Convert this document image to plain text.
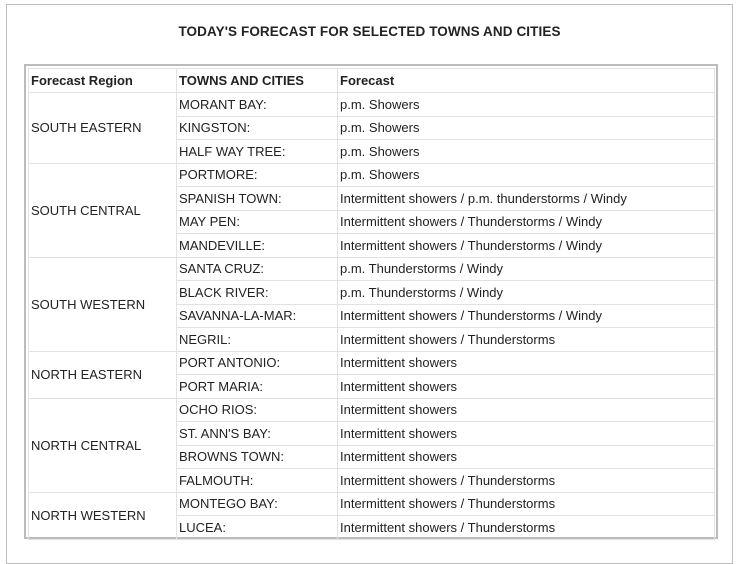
TODAY'S FORECAST FOR SELECTED TOWNS AND CITIES
Forecast Region	TOWNS AND CITIES	Forecast
SOUTH EASTERN	MORANT BAY:	p.m. Showers
	KINGSTON:	p.m. Showers
	HALF WAY TREE:	p.m. Showers
SOUTH CENTRAL	PORTMORE:	p.m. Showers
	SPANISH TOWN:	Intermittent showers / p.m. thunderstorms / Windy
	MAY PEN:	Intermittent showers / Thunderstorms / Windy
	MANDEVILLE:	Intermittent showers / Thunderstorms / Windy
SOUTH WESTERN	SANTA CRUZ:	p.m. Thunderstorms / Windy
	BLACK RIVER:	p.m. Thunderstorms / Windy
	SAVANNA-LA-MAR:	Intermittent showers / Thunderstorms / Windy
	NEGRIL:	Intermittent showers / Thunderstorms
NORTH EASTERN	PORT ANTONIO:	Intermittent showers
	PORT MARIA:	Intermittent showers
NORTH CENTRAL	OCHO RIOS:	Intermittent showers
	ST. ANN'S BAY:	Intermittent showers
	BROWNS TOWN:	Intermittent showers
	FALMOUTH:	Intermittent showers / Thunderstorms
NORTH WESTERN	MONTEGO BAY:	Intermittent showers / Thunderstorms
	LUCEA:	Intermittent showers / Thunderstorms
